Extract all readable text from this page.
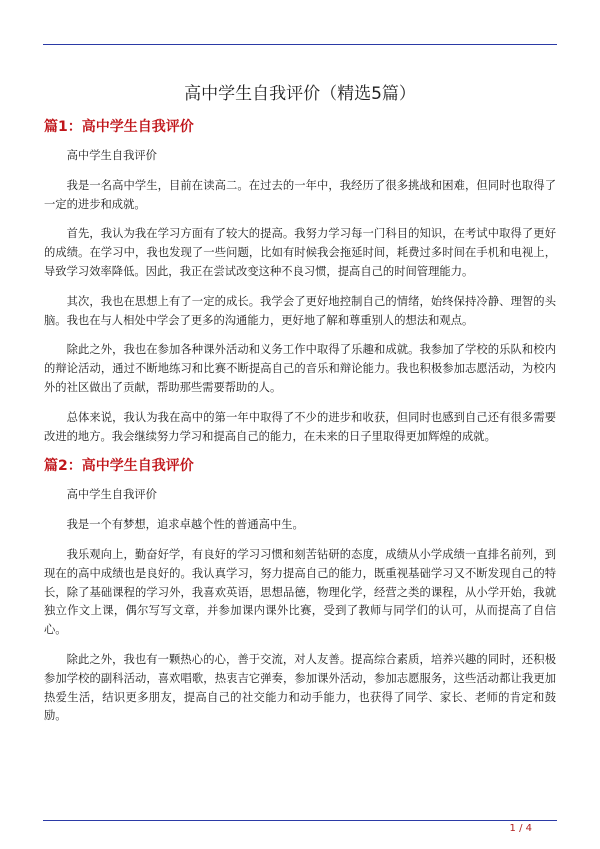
高中学生自我评价（精选5篇）

篇1：高中学生自我评价

高中学生自我评价

我是一名高中学生，目前在读高二。在过去的一年中，我经历了很多挑战和困难，但同时也取得了一定的进步和成就。

首先，我认为我在学习方面有了较大的提高。我努力学习每一门科目的知识，在考试中取得了更好的成绩。在学习中，我也发现了一些问题，比如有时候我会拖延时间，耗费过多时间在手机和电视上，导致学习效率降低。因此，我正在尝试改变这种不良习惯，提高自己的时间管理能力。

其次，我也在思想上有了一定的成长。我学会了更好地控制自己的情绪，始终保持冷静、理智的头脑。我也在与人相处中学会了更多的沟通能力，更好地了解和尊重别人的想法和观点。

除此之外，我也在参加各种课外活动和义务工作中取得了乐趣和成就。我参加了学校的乐队和校内的辩论活动，通过不断地练习和比赛不断提高自己的音乐和辩论能力。我也积极参加志愿活动，为校内外的社区做出了贡献，帮助那些需要帮助的人。

总体来说，我认为我在高中的第一年中取得了不少的进步和收获，但同时也感到自己还有很多需要改进的地方。我会继续努力学习和提高自己的能力，在未来的日子里取得更加辉煌的成就。

篇2：高中学生自我评价

高中学生自我评价

我是一个有梦想，追求卓越个性的普通高中生。

我乐观向上，勤奋好学，有良好的学习习惯和刻苦钻研的态度，成绩从小学成绩一直排名前列，到现在的高中成绩也是良好的。我认真学习，努力提高自己的能力，既重视基础学习又不断发现自己的特长，除了基础课程的学习外，我喜欢英语，思想品德，物理化学，经营之类的课程，从小学开始，我就独立作文上课，偶尔写写文章，并参加课内课外比赛，受到了教师与同学们的认可，从而提高了自信心。

除此之外，我也有一颗热心的心，善于交流，对人友善。提高综合素质，培养兴趣的同时，还积极参加学校的副科活动，喜欢唱歌，热衷吉它弹奏，参加课外活动，参加志愿服务，这些活动都让我更加热爱生活，结识更多朋友，提高自己的社交能力和动手能力，也获得了同学、家长、老师的肯定和鼓励。

1 / 4
